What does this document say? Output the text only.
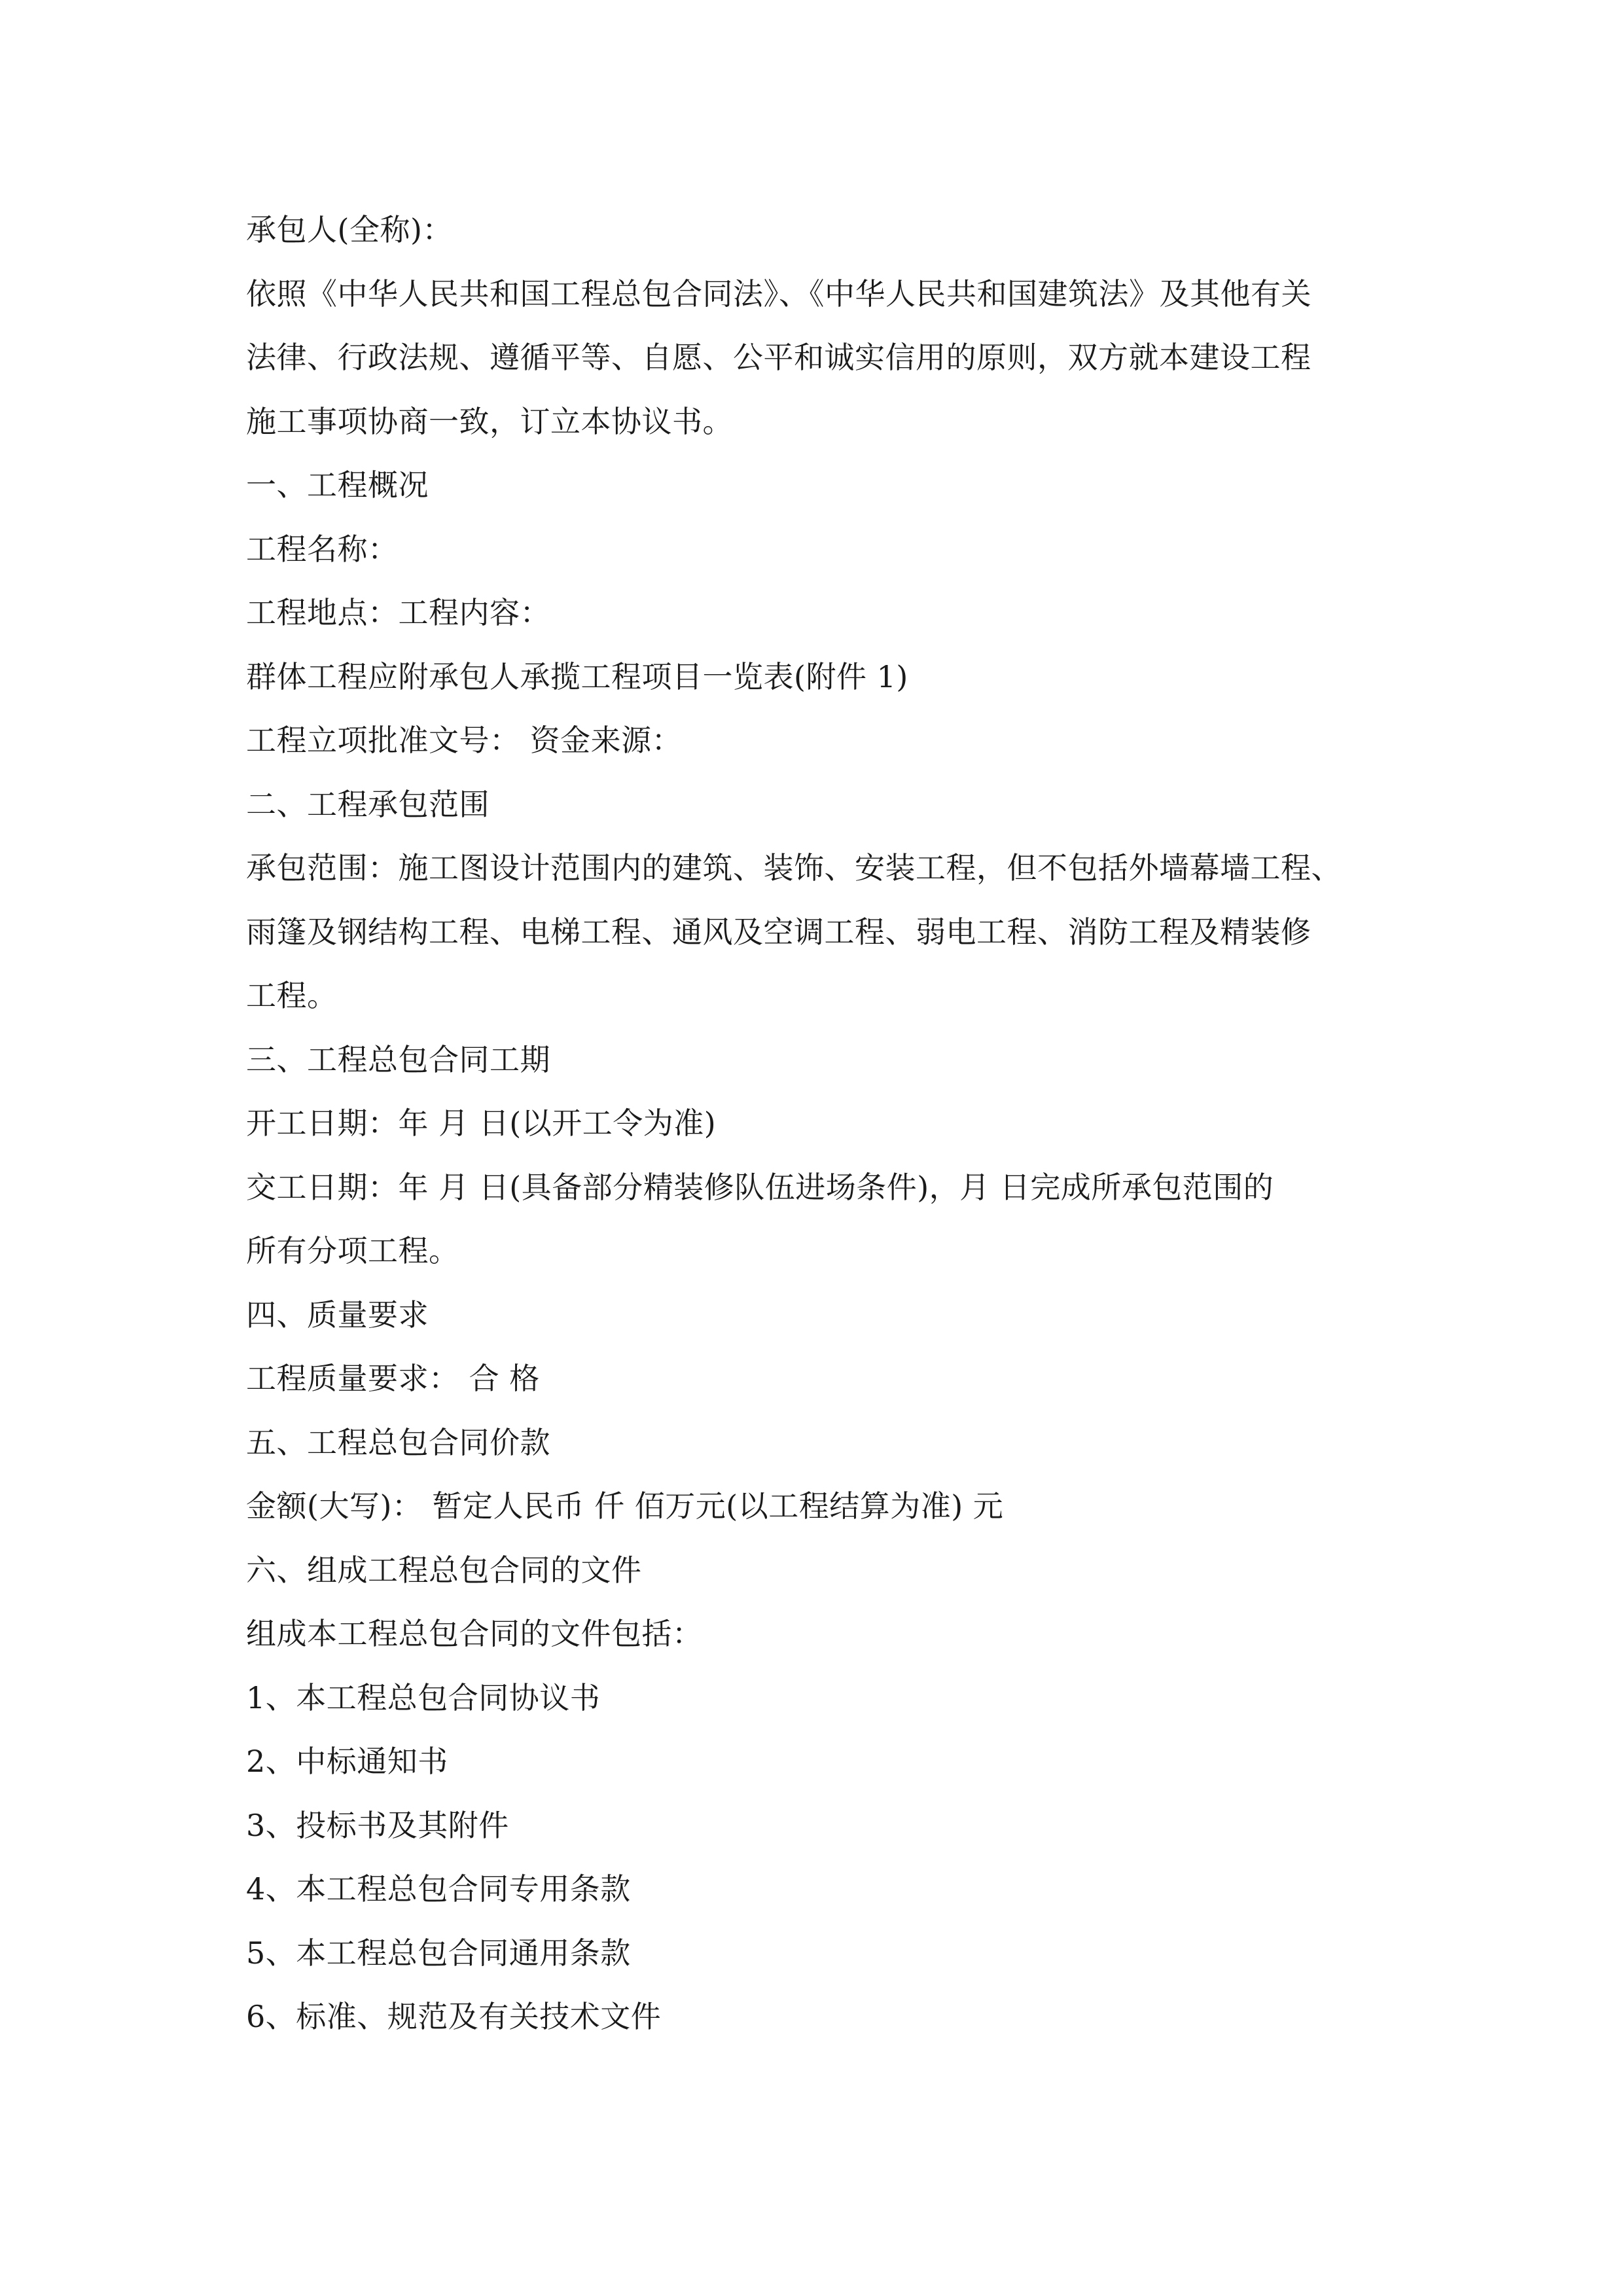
承包人(全称)：
依照《中华人民共和国工程总包合同法》、《中华人民共和国建筑法》及其他有关
法律、行政法规、遵循平等、自愿、公平和诚实信用的原则，双方就本建设工程
施工事项协商一致，订立本协议书。
一、工程概况
工程名称：
工程地点：工程内容：
群体工程应附承包人承揽工程项目一览表(附件 1)
工程立项批准文号： 资金来源：
二、工程承包范围
承包范围：施工图设计范围内的建筑、装饰、安装工程，但不包括外墙幕墙工程、
雨篷及钢结构工程、电梯工程、通风及空调工程、弱电工程、消防工程及精装修
工程。
三、工程总包合同工期
开工日期：年 月 日(以开工令为准)
交工日期：年 月 日(具备部分精装修队伍进场条件)，月 日完成所承包范围的
所有分项工程。
四、质量要求
工程质量要求： 合 格
五、工程总包合同价款
金额(大写)： 暂定人民币 仟 佰万元(以工程结算为准) 元
六、组成工程总包合同的文件
组成本工程总包合同的文件包括：
1、本工程总包合同协议书
2、中标通知书
3、投标书及其附件
4、本工程总包合同专用条款
5、本工程总包合同通用条款
6、标准、规范及有关技术文件
